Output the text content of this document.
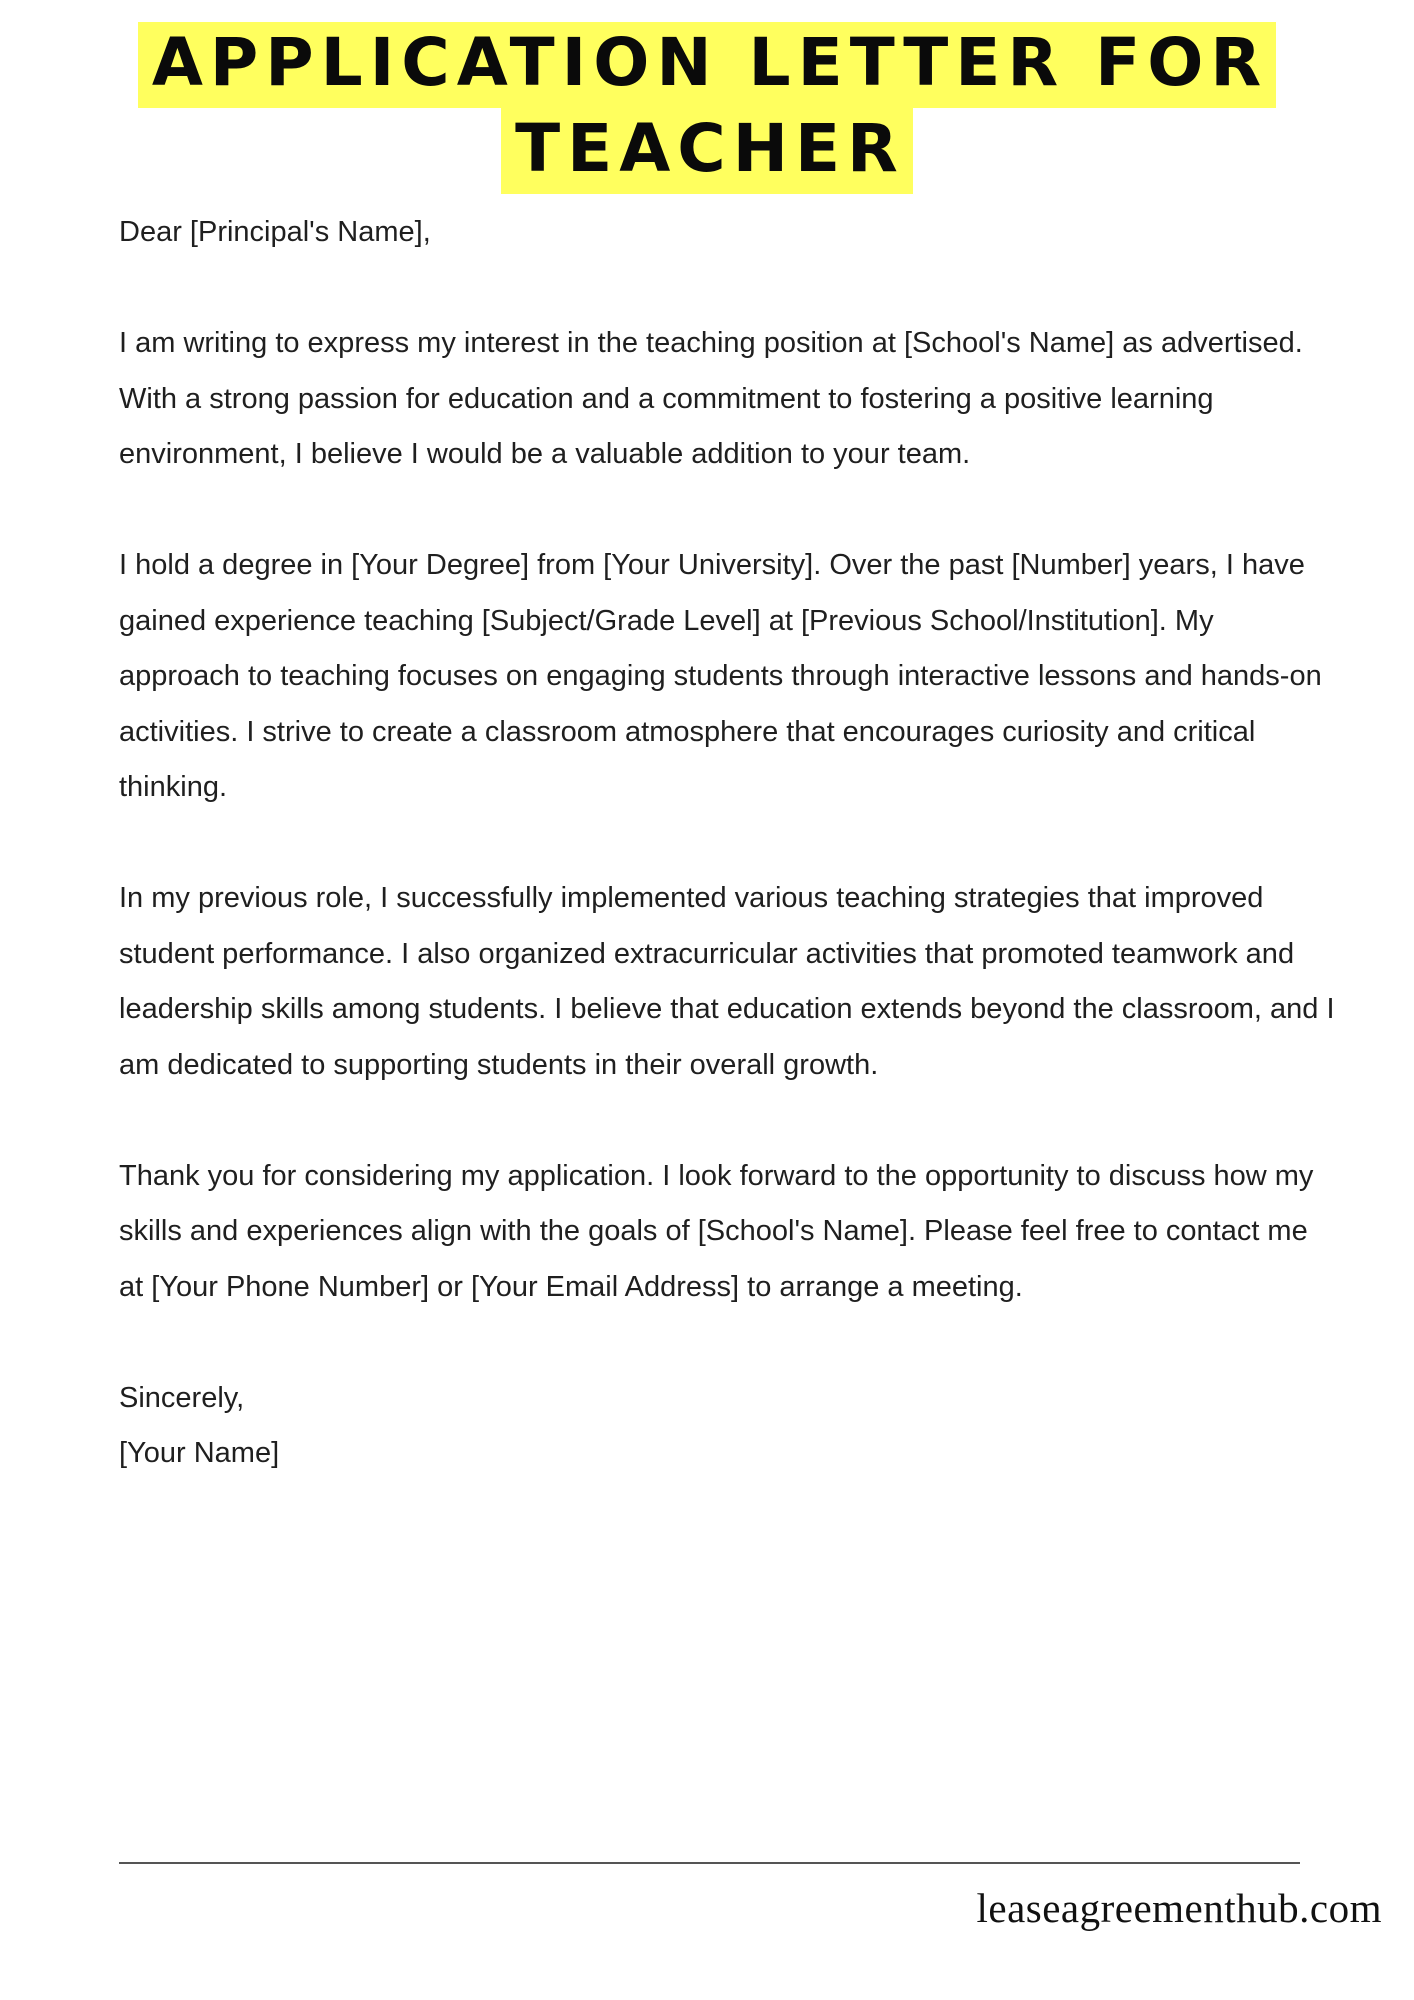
APPLICATION LETTER FOR
TEACHER

Dear [Principal's Name],

I am writing to express my interest in the teaching position at [School's Name] as advertised. With a strong passion for education and a commitment to fostering a positive learning environment, I believe I would be a valuable addition to your team.

I hold a degree in [Your Degree] from [Your University]. Over the past [Number] years, I have gained experience teaching [Subject/Grade Level] at [Previous School/Institution]. My approach to teaching focuses on engaging students through interactive lessons and hands-on activities. I strive to create a classroom atmosphere that encourages curiosity and critical thinking.

In my previous role, I successfully implemented various teaching strategies that improved student performance. I also organized extracurricular activities that promoted teamwork and leadership skills among students. I believe that education extends beyond the classroom, and I am dedicated to supporting students in their overall growth.

Thank you for considering my application. I look forward to the opportunity to discuss how my skills and experiences align with the goals of [School's Name]. Please feel free to contact me at [Your Phone Number] or [Your Email Address] to arrange a meeting.

Sincerely,
[Your Name]
leaseagreementhub.com
